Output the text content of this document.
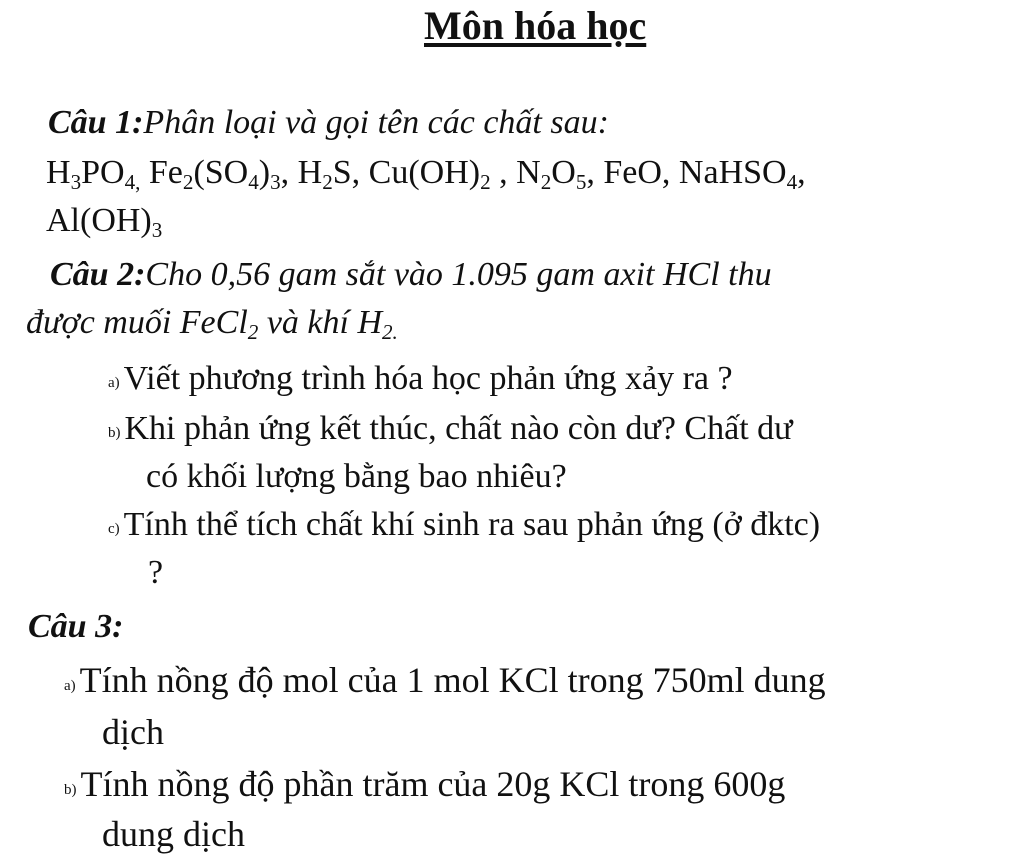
Môn hóa học
Câu 1:Phân loại và gọi tên các chất sau:
$H_3PO_{4,}$ $Fe_2(SO_4)_3$, $H_2S$, $Cu(OH)_2$ , $N_2O_5$, FeO, NaHSO$_4$,
$Al(OH)_3$
Câu 2:Cho 0,56 gam sắt vào 1.095 gam axit HCl thu
được muối FeCl$_2$ và khí $H_{2.}$
a) Viết phương trình hóa học phản ứng xảy ra ?
b) Khi phản ứng kết thúc, chất nào còn dư? Chất dư
có khối lượng bằng bao nhiêu?
c) Tính thể tích chất khí sinh ra sau phản ứng (ở đktc)
?
Câu 3:
a) Tính nồng độ mol của 1 mol KCl trong 750ml dung
dịch
b) Tính nồng độ phần trăm của 20g KCl trong 600g
dung dịch
